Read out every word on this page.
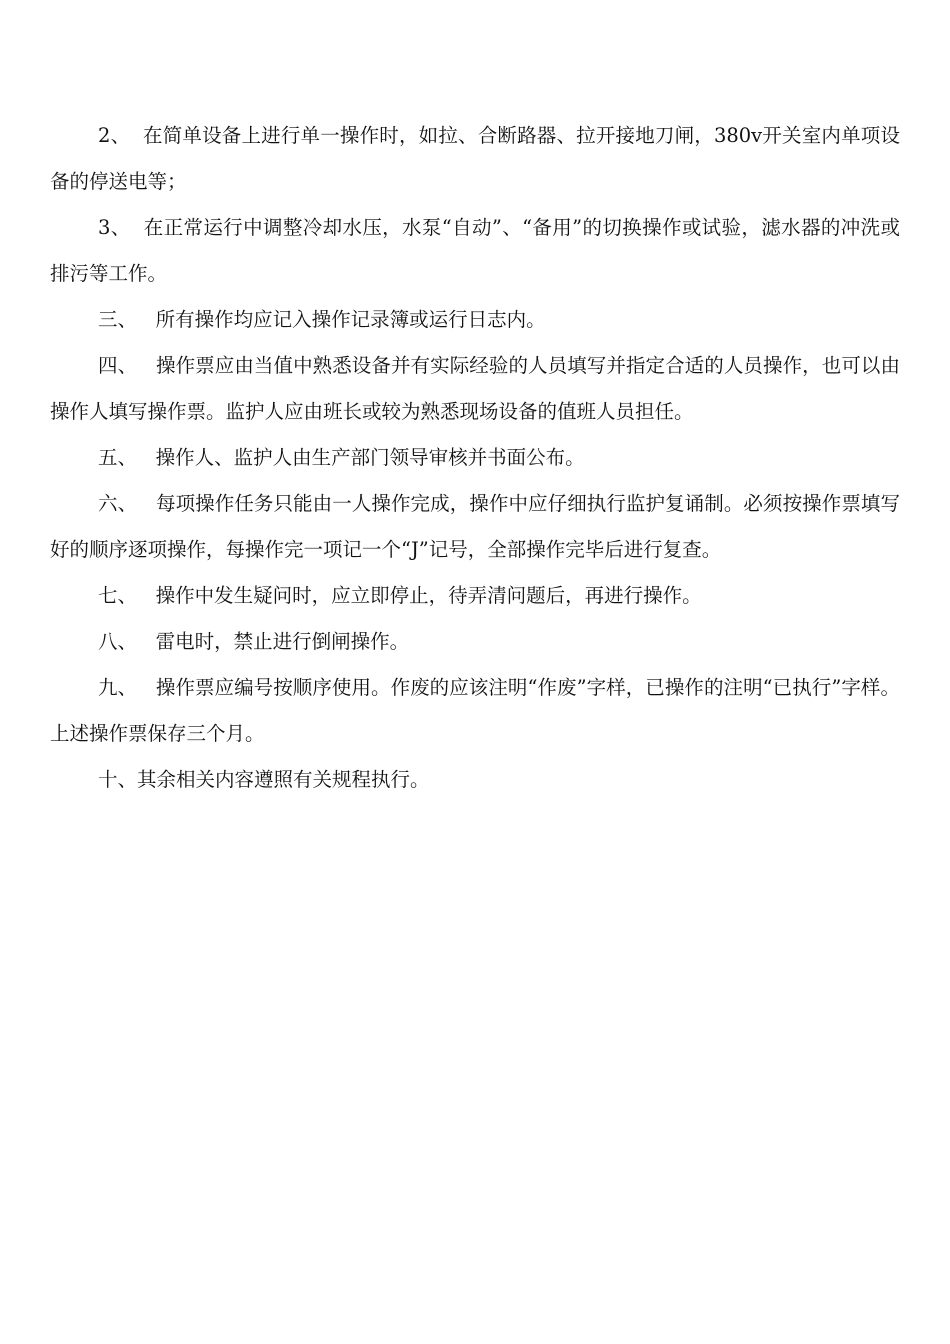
2、  在简单设备上进行单一操作时，如拉、合断路器、拉开接地刀闸，380v开关室内单项设备的停送电等；

3、  在正常运行中调整冷却水压，水泵“自动”、“备用”的切换操作或试验，滤水器的冲洗或排污等工作。

三、   所有操作均应记入操作记录簿或运行日志内。

四、   操作票应由当值中熟悉设备并有实际经验的人员填写并指定合适的人员操作，也可以由操作人填写操作票。监护人应由班长或较为熟悉现场设备的值班人员担任。

五、   操作人、监护人由生产部门领导审核并书面公布。

六、   每项操作任务只能由一人操作完成，操作中应仔细执行监护复诵制。必须按操作票填写好的顺序逐项操作，每操作完一项记一个“J”记号，全部操作完毕后进行复查。

七、   操作中发生疑问时，应立即停止，待弄清问题后，再进行操作。

八、   雷电时，禁止进行倒闸操作。

九、   操作票应编号按顺序使用。作废的应该注明“作废”字样，已操作的注明“已执行”字样。上述操作票保存三个月。

十、其余相关内容遵照有关规程执行。
